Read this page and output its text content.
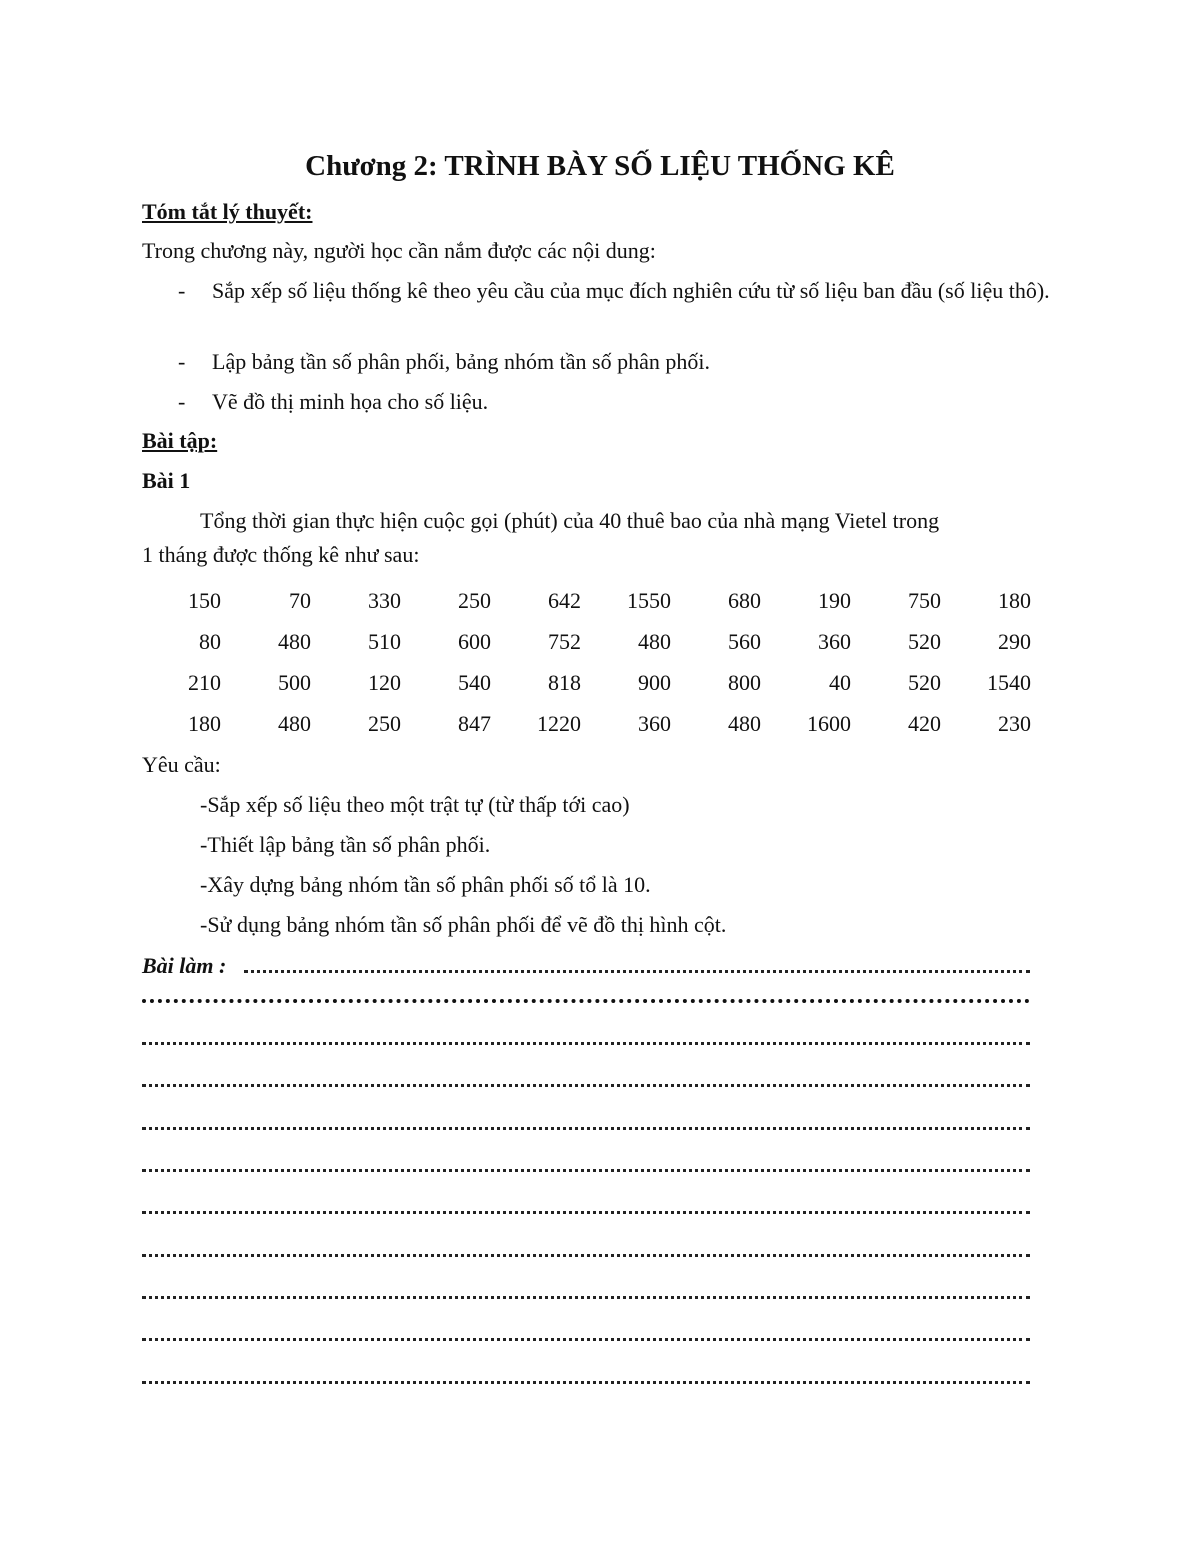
Chương 2: TRÌNH BÀY SỐ LIỆU THỐNG KÊ
Tóm tắt lý thuyết:
Trong chương này, người học cần nắm được các nội dung:
- Sắp xếp số liệu thống kê theo yêu cầu của mục đích nghiên cứu từ số liệu ban đầu (số liệu thô).
- Lập bảng tần số phân phối, bảng nhóm tần số phân phối.
- Vẽ đồ thị minh họa cho số liệu.
Bài tập:
Bài 1
Tổng thời gian thực hiện cuộc gọi (phút) của 40 thuê bao của nhà mạng Vietel trong
1 tháng được thống kê như sau:
150	70	330	250	642	1550	680	190	750	180
80	480	510	600	752	480	560	360	520	290
210	500	120	540	818	900	800	40	520	1540
180	480	250	847	1220	360	480	1600	420	230
Yêu cầu:
-Sắp xếp số liệu theo một trật tự (từ thấp tới cao)
-Thiết lập bảng tần số phân phối.
-Xây dựng bảng nhóm tần số phân phối số tổ là 10.
-Sử dụng bảng nhóm tần số phân phối để vẽ đồ thị hình cột.
Bài làm :
